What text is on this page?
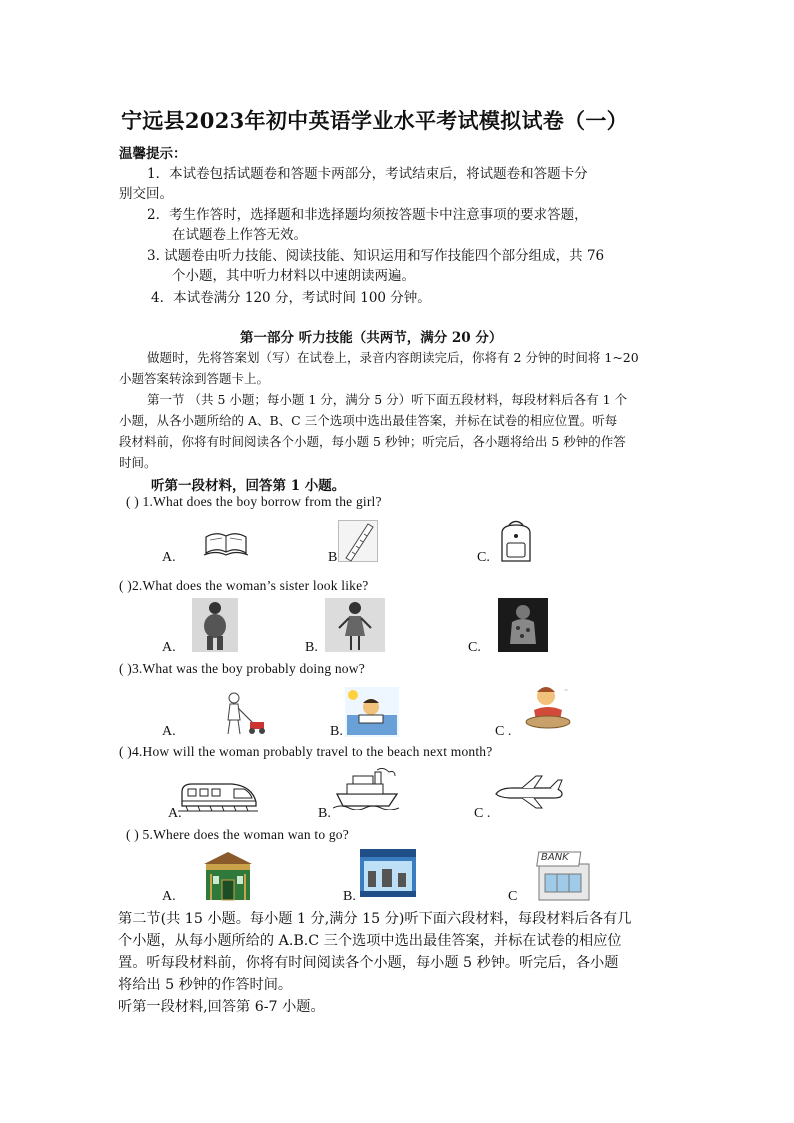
宁远县2023年初中英语学业水平考试模拟试卷（一）
温馨提示：
1．本试卷包括试题卷和答题卡两部分，考试结束后，将试题卷和答题卡分
别交回。
2．考生作答时，选择题和非选择题均须按答题卡中注意事项的要求答题，
在试题卷上作答无效。
3. 试题卷由听力技能、阅读技能、知识运用和写作技能四个部分组成，共 76
个小题，其中听力材料以中速朗读两遍。
4．本试卷满分 120 分，考试时间 100 分钟。
第一部分 听力技能（共两节，满分 20 分）
做题时，先将答案划（写）在试卷上，录音内容朗读完后，你将有 2 分钟的时间将 1~20
小题答案转涂到答题卡上。
第一节 （共 5 小题；每小题 1 分，满分 5 分）听下面五段材料，每段材料后各有 1 个
小题，从各小题所给的 A、B、C 三个选项中选出最佳答案，并标在试卷的相应位置。听每
段材料前，你将有时间阅读各个小题，每小题 5 秒钟；听完后，各小题将给出 5 秒钟的作答
时间。
听第一段材料，回答第 1 小题。
( ) 1.What does the boy borrow from the girl?
A.	B	C.
( )2.What does the woman’s sister look like?
A.	B.	C.
( )3.What was the boy probably doing now?
A.	B.	C .
~
( )4.How will the woman probably travel to the beach next month?
A.	B.	C .
( ) 5.Where does the woman wan to go?
A.	B.	C
BANK
第二节(共 15 小题。每小题 1 分,满分 15 分)听下面六段材料，每段材料后各有几
个小题，从每小题所给的 A.B.C 三个选项中选出最佳答案，并标在试卷的相应位
置。听每段材料前，你将有时间阅读各个小题，每小题 5 秒钟。听完后，各小题
将给出 5 秒钟的作答时间。
听第一段材料,回答第 6-7 小题。
